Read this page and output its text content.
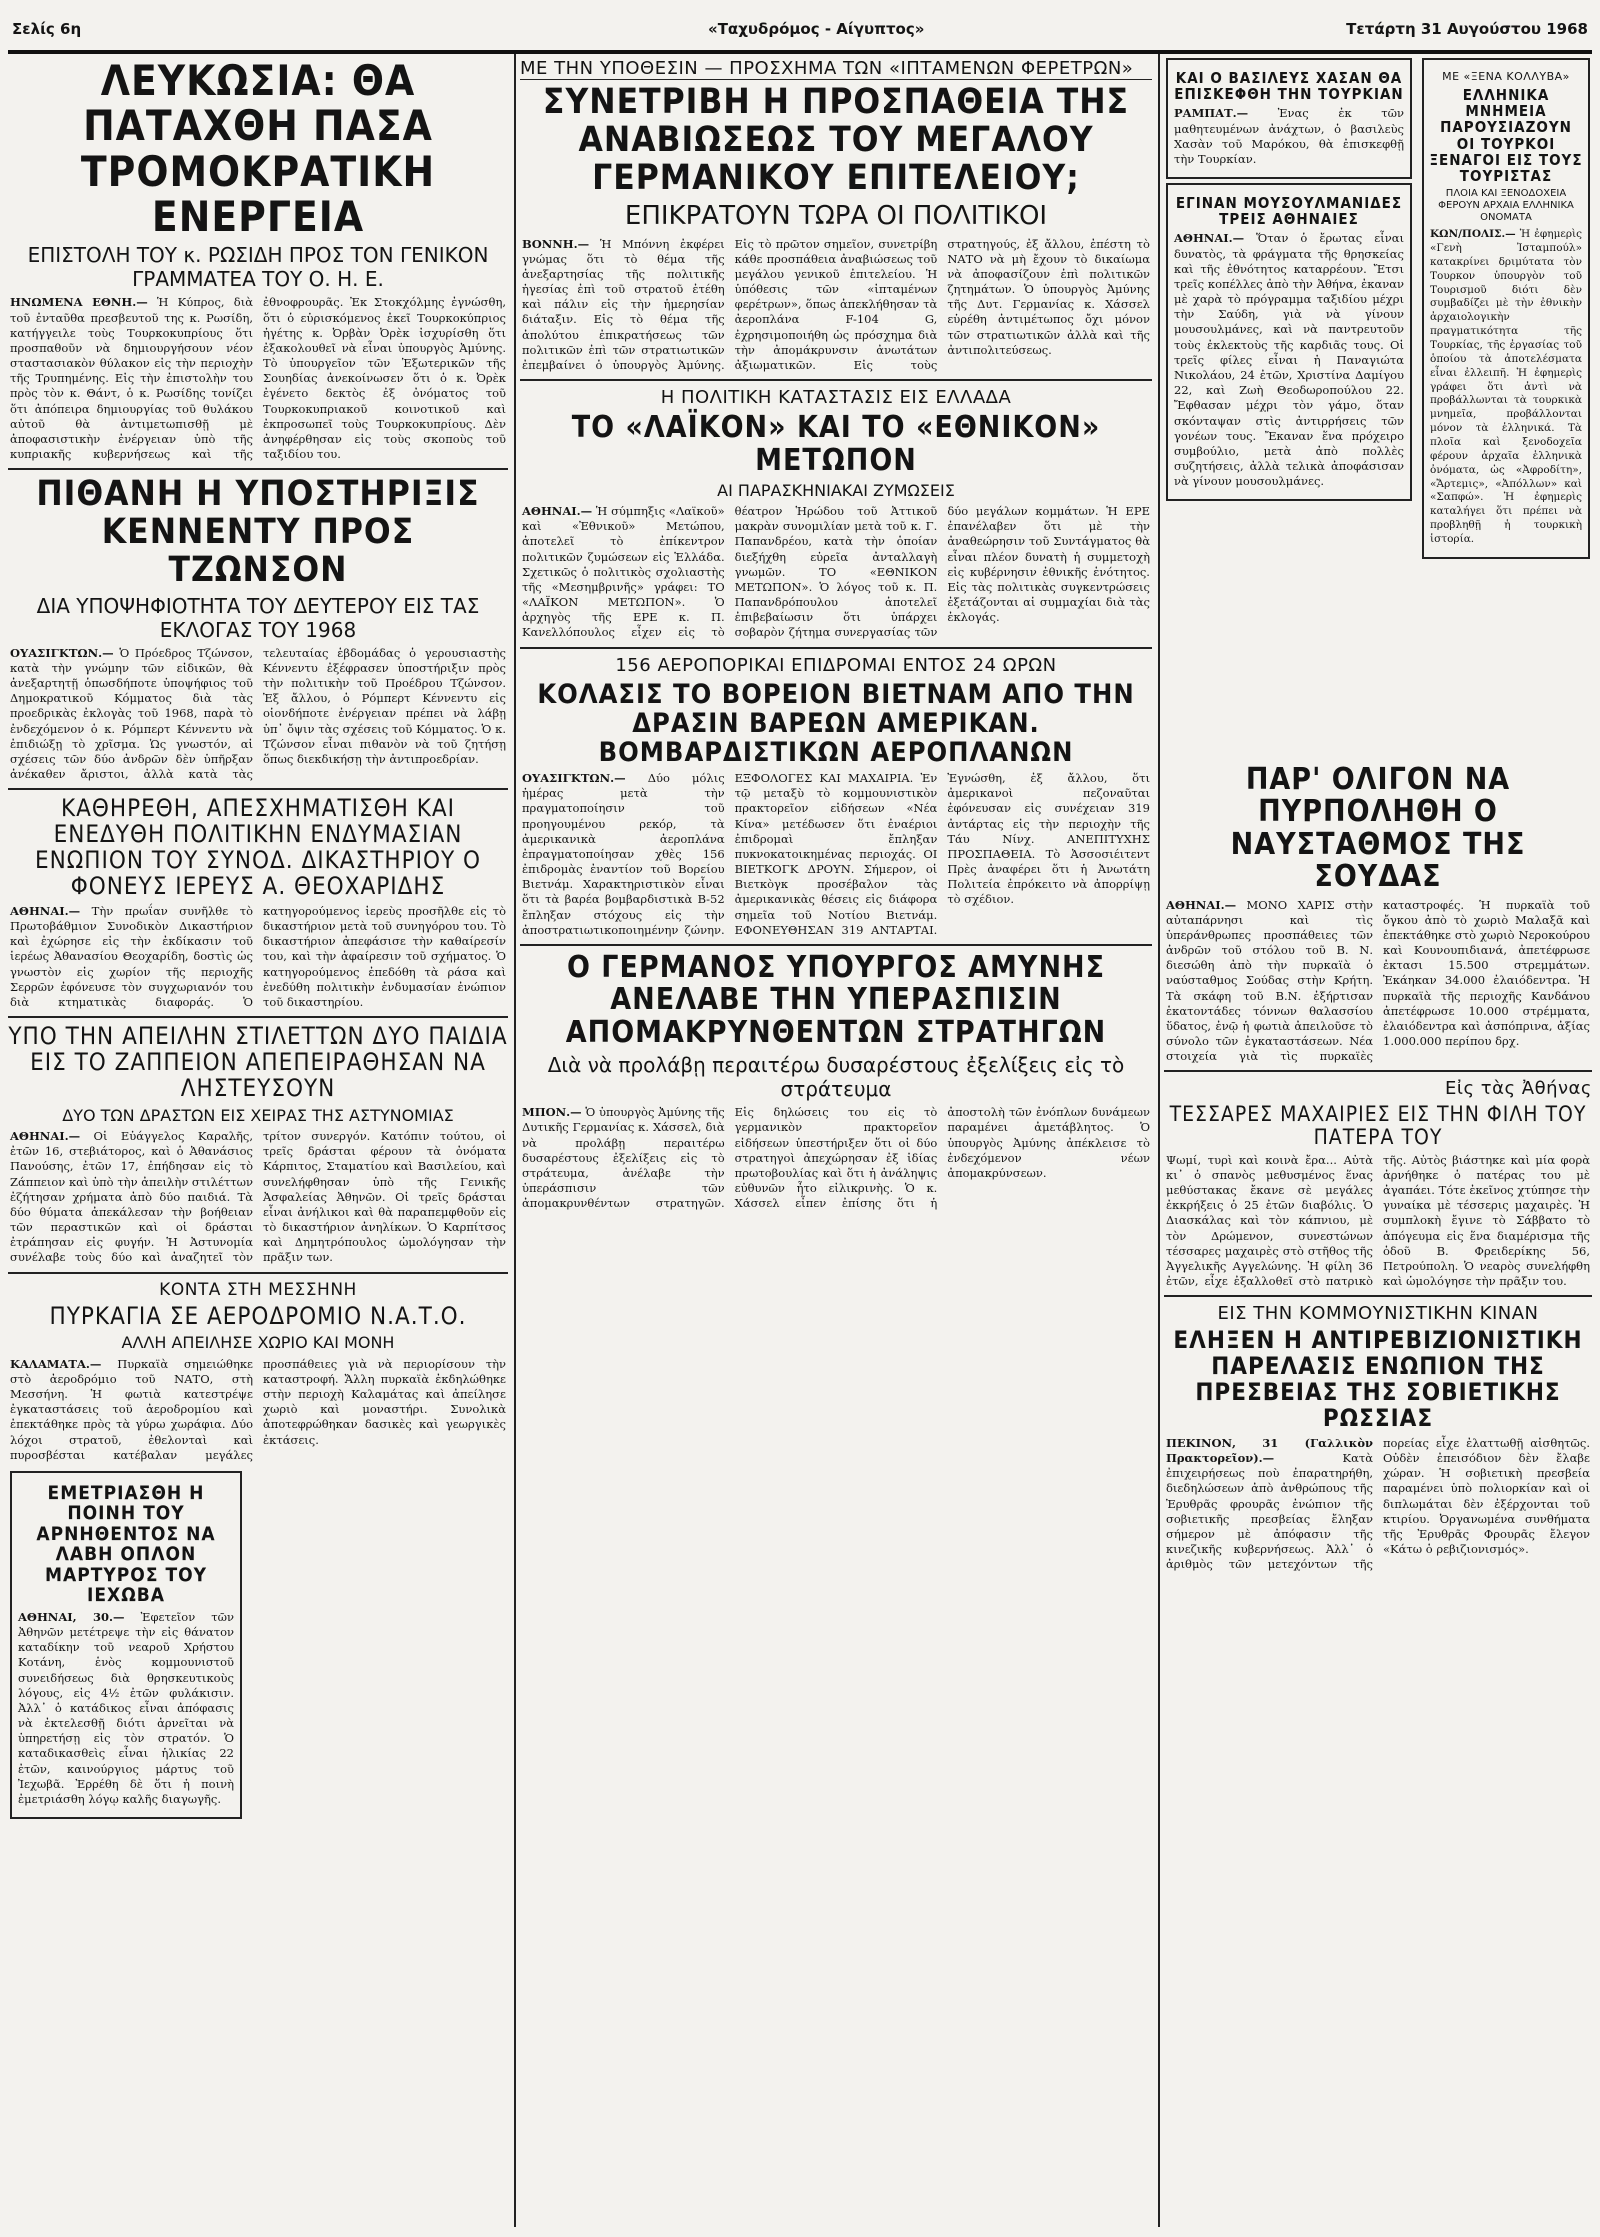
Σελίς 6η	«Ταχυδρόμος - Αίγυπτος»	Τετάρτη 31 Αυγούστου 1968
ΛΕΥΚΩΣΙΑ: ΘΑ ΠΑΤΑΧΘΗ ΠΑΣΑ ΤΡΟΜΟΚΡΑΤΙΚΗ ΕΝΕΡΓΕΙΑ
ΕΠΙΣΤΟΛΗ ΤΟΥ κ. ΡΩΣΙΔΗ ΠΡΟΣ ΤΟΝ ΓΕΝΙΚΟΝ ΓΡΑΜΜΑΤΕΑ ΤΟΥ Ο. Η. Ε.
ΗΝΩΜΕΝΑ ΕΘΝΗ.— Ἡ Κύπρος, διὰ τοῦ ἐνταῦθα πρεσβευτοῦ της κ. Ρωσίδη, κατήγγειλε τοὺς Τουρκοκυπρίους ὅτι προσπαθοῦν νὰ δημιουργήσουν νέον σταστασιακὸν θύλακον εἰς τὴν περιοχὴν τῆς Τρυπημένης. Εἰς τὴν ἐπιστολὴν του πρὸς τὸν κ. Θάντ, ὁ κ. Ρωσίδης τονίζει ὅτι ἀπόπειρα δημιουργίας τοῦ θυλάκου αὐτοῦ θὰ ἀντιμετωπισθῇ μὲ ἀποφασιστικὴν ἐνέργειαν ὑπὸ τῆς κυπριακῆς κυβερνήσεως καὶ τῆς ἐθνοφρουρᾶς. Ἐκ Στοκχόλμης ἐγνώσθη, ὅτι ὁ εὐρισκόμενος ἐκεῖ Τουρκοκύπριος ἠγέτης κ. Ὀρβὰν Ὀρὲκ ἰσχυρίσθη ὅτι ἐξακολουθεῖ νὰ εἶναι ὑπουργὸς Ἀμύνης. Τὸ ὑπουργεῖον τῶν Ἐξωτερικῶν τῆς Σουηδίας ἀνεκοίνωσεν ὅτι ὁ κ. Ὀρὲκ ἐγένετο δεκτὸς ἐξ ὀνόματος τοῦ Τουρκοκυπριακοῦ κοινοτικοῦ καὶ ἐκπροσωπεῖ τοὺς Τουρκοκυπρίους. Δὲν ἀνηφέρθησαν εἰς τοὺς σκοποὺς τοῦ ταξιδίου του.
ΠΙΘΑΝΗ Η ΥΠΟΣΤΗΡΙΞΙΣ ΚΕΝΝΕΝΤΥ ΠΡΟΣ ΤΖΩΝΣΟΝ
ΔΙΑ ΥΠΟΨΗΦΙΟΤΗΤΑ ΤΟΥ ΔΕΥΤΕΡΟΥ ΕΙΣ ΤΑΣ ΕΚΛΟΓΑΣ ΤΟΥ 1968
ΟΥΑΣΙΓΚΤΩΝ.— Ὁ Πρόεδρος Τζώνσον, κατὰ τὴν γνώμην τῶν εἰδικῶν, θὰ ἀνεξαρτητῇ ὁπωσδήποτε ὑποψήφιος τοῦ Δημοκρατικοῦ Κόμματος διὰ τὰς προεδρικὰς ἐκλογὰς τοῦ 1968, παρὰ τὸ ἐνδεχόμενον ὁ κ. Ρόμπερτ Κέννεντυ νὰ ἐπιδιώξῃ τὸ χρῖσμα. Ὡς γνωστόν, αἱ σχέσεις τῶν δύο ἀνδρῶν δὲν ὑπῆρξαν ἀνέκαθεν ἄριστοι, ἀλλὰ κατὰ τὰς τελευταίας ἑβδομάδας ὁ γερουσιαστὴς Κέννεντυ ἐξέφρασεν ὑποστήριξιν πρὸς τὴν πολιτικὴν τοῦ Προέδρου Τζώνσον. Ἐξ ἄλλου, ὁ Ρόμπερτ Κέννεντυ εἰς οἱονδήποτε ἐνέργειαν πρέπει νὰ λάβῃ ὑπ᾽ ὄψιν τὰς σχέσεις τοῦ Κόμματος. Ὁ κ. Τζώνσον εἶναι πιθανὸν νὰ τοῦ ζητήσῃ ὅπως διεκδικήσῃ τὴν ἀντιπροεδρίαν.
ΚΑΘΗΡΕΘΗ, ΑΠΕΣΧΗΜΑΤΙΣΘΗ ΚΑΙ ΕΝΕΔΥΘΗ ΠΟΛΙΤΙΚΗΝ ΕΝΔΥΜΑΣΙΑΝ ΕΝΩΠΙΟΝ ΤΟΥ ΣΥΝΟΔ. ΔΙΚΑΣΤΗΡΙΟΥ Ο ΦΟΝΕΥΣ ΙΕΡΕΥΣ Α. ΘΕΟΧΑΡΙΔΗΣ
ΑΘΗΝΑΙ.— Τὴν πρωΐαν συνῆλθε τὸ Πρωτοβάθμιον Συνοδικὸν Δικαστήριον καὶ ἐχώρησε εἰς τὴν ἐκδίκασιν τοῦ ἱερέως Ἀθανασίου Θεοχαρίδη, δοστὶς ὡς γνωστὸν εἰς χωρίον τῆς περιοχῆς Σερρῶν ἐφόνευσε τὸν συγχωριανόν του διὰ κτηματικὰς διαφοράς. Ὁ κατηγορούμενος ἱερεὺς προσῆλθε εἰς τὸ δικαστήριον μετὰ τοῦ συνηγόρου του. Τὸ δικαστήριον ἀπεφάσισε τὴν καθαίρεσίν του, καὶ τὴν ἀφαίρεσιν τοῦ σχήματος. Ὁ κατηγορούμενος ἐπεδόθη τὰ ράσα καὶ ἐνεδύθη πολιτικὴν ἐνδυμασίαν ἐνώπιον τοῦ δικαστηρίου.
ΥΠΟ ΤΗΝ ΑΠΕΙΛΗΝ ΣΤΙΛΕΤΤΩΝ ΔΥΟ ΠΑΙΔΙΑ ΕΙΣ ΤΟ ΖΑΠΠΕΙΟΝ ΑΠΕΠΕΙΡΑΘΗΣΑΝ ΝΑ ΛΗΣΤΕΥΣΟΥΝ
ΔΥΟ ΤΩΝ ΔΡΑΣΤΩΝ ΕΙΣ ΧΕΙΡΑΣ ΤΗΣ ΑΣΤΥΝΟΜΙΑΣ
ΑΘΗΝΑΙ.— Οἱ Εὐάγγελος Καραλῆς, ἐτῶν 16, στεβιάτορος, καὶ ὁ Ἀθανάσιος Πανούσης, ἐτῶν 17, ἐπήδησαν εἰς τὸ Ζάππειον καὶ ὑπὸ τὴν ἀπειλὴν στιλέττων ἐζήτησαν χρήματα ἀπὸ δύο παιδιά. Τὰ δύο θύματα ἀπεκάλεσαν τὴν βοήθειαν τῶν περαστικῶν καὶ οἱ δράσται ἐτράπησαν εἰς φυγήν. Ἡ Ἀστυνομία συνέλαβε τοὺς δύο καὶ ἀναζητεῖ τὸν τρίτον συνεργόν. Κατόπιν τούτου, οἱ τρεῖς δράσται φέρουν τὰ ὀνόματα Κάρπιτος, Σταματίου καὶ Βασιλείου, καὶ συνελήφθησαν ὑπὸ τῆς Γενικῆς Ἀσφαλείας Ἀθηνῶν. Οἱ τρεῖς δράσται εἶναι ἀνήλικοι καὶ θὰ παραπεμφθοῦν εἰς τὸ δικαστήριον ἀνηλίκων. Ὁ Καρπίτσος καὶ Δημητρόπουλος ὡμολόγησαν τὴν πρᾶξιν των.
ΚΟΝΤΑ ΣΤΗ ΜΕΣΣΗΝΗ
ΠΥΡΚΑΓΙΑ ΣΕ ΑΕΡΟΔΡΟΜΙΟ Ν.Α.Τ.Ο.
ΑΛΛΗ ΑΠΕΙΛΗΣΕ ΧΩΡΙΟ ΚΑΙ ΜΟΝΗ
ΚΑΛΑΜΑΤΑ.— Πυρκαϊὰ σημειώθηκε στὸ ἀεροδρόμιο τοῦ ΝΑΤΟ, στὴ Μεσσήνη. Ἡ φωτιὰ κατεστρέψε ἐγκαταστάσεις τοῦ ἀεροδρομίου καὶ ἐπεκτάθηκε πρὸς τὰ γύρω χωράφια. Δύο λόχοι στρατοῦ, ἐθελονταὶ καὶ πυροσβέσται κατέβαλαν μεγάλες προσπάθειες γιὰ νὰ περιορίσουν τὴν καταστροφή. Ἄλλη πυρκαϊὰ ἐκδηλώθηκε στὴν περιοχὴ Καλαμάτας καὶ ἀπείλησε χωριὸ καὶ μοναστήρι. Συνολικὰ ἀποτεφρώθηκαν δασικὲς καὶ γεωργικὲς ἐκτάσεις.
ΕΜΕΤΡΙΑΣΘΗ Η ΠΟΙΝΗ ΤΟΥ ΑΡΝΗΘΕΝΤΟΣ ΝΑ ΛΑΒΗ ΟΠΛΟΝ ΜΑΡΤΥΡΟΣ ΤΟΥ ΙΕΧΩΒΑ
ΑΘΗΝΑΙ, 30.— Ἐφετεῖον τῶν Ἀθηνῶν μετέτρεψε τὴν εἰς θάνατον καταδίκην τοῦ νεαροῦ Χρήστου Κοτάνη, ἑνὸς κομμουνιστοῦ συνειδήσεως διὰ θρησκευτικοὺς λόγους, εἰς 4½ ἐτῶν φυλάκισιν. Ἀλλ᾽ ὁ κατάδικος εἶναι ἀπόφασις νὰ ἐκτελεσθῇ διότι ἀρνεῖται νὰ ὑπηρετήσῃ εἰς τὸν στρατόν. Ὁ καταδικασθεὶς εἶναι ἡλικίας 22 ἐτῶν, καινούργιος μάρτυς τοῦ Ἰεχωβᾶ. Ἐρρέθη δὲ ὅτι ἡ ποινὴ ἐμετριάσθη λόγῳ καλῆς διαγωγῆς.
ΜΕ ΤΗΝ ΥΠΟΘΕΣΙΝ — ΠΡΟΣΧΗΜΑ ΤΩΝ «ΙΠΤΑΜΕΝΩΝ ΦΕΡΕΤΡΩΝ»
ΣΥΝΕΤΡΙΒΗ Η ΠΡΟΣΠΑΘΕΙΑ ΤΗΣ ΑΝΑΒΙΩΣΕΩΣ ΤΟΥ ΜΕΓΑΛΟΥ ΓΕΡΜΑΝΙΚΟΥ ΕΠΙΤΕΛΕΙΟΥ;
ΕΠΙΚΡΑΤΟΥΝ ΤΩΡΑ ΟΙ ΠΟΛΙΤΙΚΟΙ
ΒΟΝΝΗ.— Ἡ Μπόννη ἐκφέρει γνώμας ὅτι τὸ θέμα τῆς ἀνεξαρτησίας τῆς πολιτικῆς ἡγεσίας ἐπὶ τοῦ στρατοῦ ἐτέθη καὶ πάλιν εἰς τὴν ἡμερησίαν διάταξιν. Εἰς τὸ θέμα τῆς ἀπολύτου ἐπικρατήσεως τῶν πολιτικῶν ἐπὶ τῶν στρατιωτικῶν ἐπεμβαίνει ὁ ὑπουργὸς Ἀμύνης. Εἰς τὸ πρῶτον σημεῖον, συνετρίβη κάθε προσπάθεια ἀναβιώσεως τοῦ μεγάλου γενικοῦ ἐπιτελείου. Ἡ ὑπόθεσις τῶν «ἱπταμένων φερέτρων», ὅπως ἀπεκλήθησαν τὰ ἀεροπλάνα F-104 G, ἐχρησιμοποιήθη ὡς πρόσχημα διὰ τὴν ἀπομάκρυνσιν ἀνωτάτων ἀξιωματικῶν. Εἰς τοὺς στρατηγούς, ἐξ ἄλλου, ἐπέστη τὸ ΝΑΤΟ νὰ μὴ ἔχουν τὸ δικαίωμα νὰ ἀποφασίζουν ἐπὶ πολιτικῶν ζητημάτων. Ὁ ὑπουργὸς Ἀμύνης τῆς Δυτ. Γερμανίας κ. Χάσσελ εὑρέθη ἀντιμέτωπος ὄχι μόνον τῶν στρατιωτικῶν ἀλλὰ καὶ τῆς ἀντιπολιτεύσεως.
Η ΠΟΛΙΤΙΚΗ ΚΑΤΑΣΤΑΣΙΣ ΕΙΣ ΕΛΛΑΔΑ
ΤΟ «ΛΑΪΚΟΝ» ΚΑΙ ΤΟ «ΕΘΝΙΚΟΝ» ΜΕΤΩΠΟΝ
ΑΙ ΠΑΡΑΣΚΗΝΙΑΚΑΙ ΖΥΜΩΣΕΙΣ
ΑΘΗΝΑΙ.— Ἡ σύμπηξις «Λαϊκοῦ» καὶ «Ἐθνικοῦ» Μετώπου, ἀποτελεῖ τὸ ἐπίκεντρον πολιτικῶν ζυμώσεων εἰς Ἑλλάδα. Σχετικῶς ὁ πολιτικὸς σχολιαστὴς τῆς «Μεσημβρινῆς» γράφει: ΤΟ «ΛΑΪΚΟΝ ΜΕΤΩΠΟΝ». Ὁ ἀρχηγὸς τῆς ΕΡΕ κ. Π. Κανελλόπουλος εἶχεν εἰς τὸ θέατρον Ἡρώδου τοῦ Ἀττικοῦ μακρὰν συνομιλίαν μετὰ τοῦ κ. Γ. Παπανδρέου, κατὰ τὴν ὁποίαν διεξήχθη εὐρεῖα ἀνταλλαγὴ γνωμῶν. ΤΟ «ΕΘΝΙΚΟΝ ΜΕΤΩΠΟΝ». Ὁ λόγος τοῦ κ. Π. Παπανδρόπουλου ἀποτελεῖ ἐπιβεβαίωσιν ὅτι ὑπάρχει σοβαρὸν ζήτημα συνεργασίας τῶν δύο μεγάλων κομμάτων. Ἡ ΕΡΕ ἐπανέλαβεν ὅτι μὲ τὴν ἀναθεώρησιν τοῦ Συντάγματος θὰ εἶναι πλέον δυνατὴ ἡ συμμετοχὴ εἰς κυβέρνησιν ἐθνικῆς ἑνότητος. Εἰς τὰς πολιτικὰς συγκεντρώσεις ἐξετάζονται αἱ συμμαχίαι διὰ τὰς ἐκλογάς.
156 ΑΕΡΟΠΟΡΙΚΑΙ ΕΠΙΔΡΟΜΑΙ ΕΝΤΟΣ 24 ΩΡΩΝ
ΚΟΛΑΣΙΣ ΤΟ ΒΟΡΕΙΟΝ ΒΙΕΤΝΑΜ ΑΠΟ ΤΗΝ ΔΡΑΣΙΝ ΒΑΡΕΩΝ ΑΜΕΡΙΚΑΝ. ΒΟΜΒΑΡΔΙΣΤΙΚΩΝ ΑΕΡΟΠΛΑΝΩΝ
ΟΥΑΣΙΓΚΤΩΝ.— Δύο μόλις ἡμέρας μετὰ τὴν πραγματοποίησιν τοῦ προηγουμένου ρεκόρ, τὰ ἀμερικανικὰ ἀεροπλάνα ἐπραγματοποίησαν χθὲς 156 ἐπιδρομὰς ἐναντίον τοῦ Βορείου Βιετνάμ. Χαρακτηριστικὸν εἶναι ὅτι τὰ βαρέα βομβαρδιστικὰ Β-52 ἔπληξαν στόχους εἰς τὴν ἀποστρατιωτικοποιημένην ζώνην. ΕΞΦΟΛΟΓΕΣ ΚΑΙ ΜΑΧΑΙΡΙΑ. Ἐν τῷ μεταξὺ τὸ κομμουνιστικὸν πρακτορεῖον εἰδήσεων «Νέα Κίνα» μετέδωσεν ὅτι ἐναέριοι ἐπιδρομαὶ ἔπληξαν πυκνοκατοικημένας περιοχάς. ΟΙ ΒΙΕΤΚΟΓΚ ΔΡΟΥΝ. Σήμερον, οἱ Βιετκὸγκ προσέβαλον τὰς ἀμερικανικὰς θέσεις εἰς διάφορα σημεῖα τοῦ Νοτίου Βιετνάμ. ΕΦΟΝΕΥΘΗΣΑΝ 319 ΑΝΤΑΡΤΑΙ. Ἐγνώσθη, ἐξ ἄλλου, ὅτι ἀμερικανοὶ πεζοναῦται ἐφόνευσαν εἰς συνέχειαν 319 ἀντάρτας εἰς τὴν περιοχὴν τῆς Τάυ Νίνχ. ΑΝΕΠΙΤΥΧΗΣ ΠΡΟΣΠΑΘΕΙΑ. Τὸ Ἀσσοσιέιτεντ Πρὲς ἀναφέρει ὅτι ἡ Ἀνωτάτη Πολιτεία ἐπρόκειτο νὰ ἀπορρίψῃ τὸ σχέδιον.
Ο ΓΕΡΜΑΝΟΣ ΥΠΟΥΡΓΟΣ ΑΜΥΝΗΣ ΑΝΕΛΑΒΕ ΤΗΝ ΥΠΕΡΑΣΠΙΣΙΝ ΑΠΟΜΑΚΡΥΝΘΕΝΤΩΝ ΣΤΡΑΤΗΓΩΝ
Διὰ νὰ προλάβῃ περαιτέρω δυσαρέστους ἐξελίξεις εἰς τὸ στράτευμα
ΜΠΟΝ.— Ὁ ὑπουργὸς Ἀμύνης τῆς Δυτικῆς Γερμανίας κ. Χάσσελ, διὰ νὰ προλάβῃ περαιτέρω δυσαρέστους ἐξελίξεις εἰς τὸ στράτευμα, ἀνέλαβε τὴν ὑπεράσπισιν τῶν ἀπομακρυνθέντων στρατηγῶν. Εἰς δηλώσεις του εἰς τὸ γερμανικὸν πρακτορεῖον εἰδήσεων ὑπεστήριξεν ὅτι οἱ δύο στρατηγοὶ ἀπεχώρησαν ἐξ ἰδίας πρωτοβουλίας καὶ ὅτι ἡ ἀνάληψις εὐθυνῶν ἦτο εἰλικρινὴς. Ὁ κ. Χάσσελ εἶπεν ἐπίσης ὅτι ἡ ἀποστολὴ τῶν ἐνόπλων δυνάμεων παραμένει ἀμετάβλητος. Ὁ ὑπουργὸς Ἀμύνης ἀπέκλεισε τὸ ἐνδεχόμενον νέων ἀπομακρύνσεων.
ΚΑΙ Ο ΒΑΣΙΛΕΥΣ ΧΑΣΑΝ ΘΑ ΕΠΙΣΚΕΦΘΗ ΤΗΝ ΤΟΥΡΚΙΑΝ
ΡΑΜΠΑΤ.—	Ἐνας ἐκ τῶν μαθητευμένων ἀνάχτων, ὁ βασιλεὺς Χασὰν τοῦ Μαρόκου, θὰ ἐπισκεφθῇ τὴν Τουρκίαν.
ΕΓΙΝΑΝ ΜΟΥΣΟΥΛΜΑΝΙΔΕΣ ΤΡΕΙΣ ΑΘΗΝΑΙΕΣ
ΑΘΗΝΑΙ.— Ὅταν ὁ ἔρωτας εἶναι δυνατὸς, τὰ φράγματα τῆς θρησκείας καὶ τῆς ἐθνότητος καταρρέουν. Ἔτσι τρεῖς κοπέλλες ἀπὸ τὴν Ἀθήνα, ἐκαναν μὲ χαρὰ τὸ πρόγραμμα ταξιδίου μέχρι τὴν Σαύδη, γιὰ νὰ γίνουν μουσουλμάνες, καὶ νὰ παντρευτοῦν τοὺς ἐκλεκτοὺς τῆς καρδιᾶς τους. Οἱ τρεῖς φίλες εἶναι ἡ Παναγιώτα Νικολάου, 24 ἐτῶν, Χριστίνα Δαμίγου 22, καὶ Ζωὴ Θεοδωροπούλου 22. Ἔφθασαν μέχρι τὸν γάμο, ὅταν σκόνταψαν στὶς ἀντιρρήσεις τῶν γονέων τους. Ἔκαναν ἕνα πρόχειρο συμβούλιο, μετὰ ἀπὸ πολλὲς συζητήσεις, ἀλλὰ τελικὰ ἀποφάσισαν νὰ γίνουν μουσουλμάνες.
ΜΕ «ΞΕΝΑ ΚΟΛΛΥΒΑ»
ΕΛΛΗΝΙΚΑ ΜΝΗΜΕΙΑ ΠΑΡΟΥΣΙΑΖΟΥΝ ΟΙ ΤΟΥΡΚΟΙ ΞΕΝΑΓΟΙ ΕΙΣ ΤΟΥΣ ΤΟΥΡΙΣΤΑΣ
ΠΛΟΙΑ ΚΑΙ ΞΕΝΟΔΟΧΕΙΑ ΦΕΡΟΥΝ ΑΡΧΑΙΑ ΕΛΛΗΝΙΚΑ ΟΝΟΜΑΤΑ
ΚΩΝ/ΠΟΛΙΣ.— Ἡ ἐφημερὶς «Γενὴ Ἰσταμπούλ» κατακρίνει δριμύτατα τὸν Τουρκον ὑπουργὸν τοῦ Τουρισμοῦ διότι δὲν συμβαδίζει μὲ τὴν ἐθνικὴν ἀρχαιολογικὴν πραγματικότητα τῆς Τουρκίας, τῆς ἐργασίας τοῦ ὁποίου τὰ ἀποτελέσματα εἶναι ἐλλειπῆ. Ἡ ἐφημερὶς γράφει ὅτι ἀντὶ νὰ προβάλλωνται τὰ τουρκικὰ μνημεῖα, προβάλλονται μόνον τὰ ἑλληνικά. Τὰ πλοῖα καὶ ξενοδοχεῖα φέρουν ἀρχαῖα ἑλληνικὰ ὀνόματα, ὡς «Ἀφροδίτη», «Ἄρτεμις», «Ἀπόλλων» καὶ «Σαπφώ». Ἡ ἐφημερὶς καταλήγει ὅτι πρέπει νὰ προβληθῇ ἡ τουρκικὴ ἱστορία.
ΠΑΡ' ΟΛΙΓΟΝ ΝΑ ΠΥΡΠΟΛΗΘΗ Ο ΝΑΥΣΤΑΘΜΟΣ ΤΗΣ ΣΟΥΔΑΣ
ΑΘΗΝΑΙ.— ΜΟΝΟ ΧΑΡΙΣ στὴν αὐταπάρνησι καὶ τὶς ὑπεράνθρωπες προσπάθειες τῶν ἀνδρῶν τοῦ στόλου τοῦ Β. Ν. διεσώθη ἀπὸ τὴν πυρκαϊὰ ὁ ναύσταθμος Σούδας στὴν Κρήτη. Τὰ σκάφη τοῦ Β.Ν. ἐξήρτισαν ἑκατοντάδες τόννων θαλασσίου ὕδατος, ἐνῷ ἡ φωτιὰ ἀπειλοῦσε τὸ σύνολο τῶν ἐγκαταστάσεων. Νέα στοιχεία γιὰ τὶς πυρκαϊὲς καταστροφές. Ἡ πυρκαϊὰ τοῦ ὄγκου ἀπὸ τὸ χωριὸ Μαλαξᾶ καὶ ἐπεκτάθηκε στὸ χωριὸ Νεροκούρου καὶ Κουνουπιδιανά, ἀπετέφρωσε ἐκτασι 15.500 στρεμμάτων. Ἐκάηκαν 34.000 ἐλαιόδεντρα. Ἡ πυρκαϊὰ τῆς περιοχῆς Κανδάνου ἀπετέφρωσε 10.000 στρέμματα, ἐλαιόδεντρα καὶ ἀσπόπρινα, ἀξίας 1.000.000 περίπου δρχ.
Εἰς τὰς Ἀθήνας
ΤΕΣΣΑΡΕΣ ΜΑΧΑΙΡΙΕΣ ΕΙΣ ΤΗΝ ΦΙΛΗ ΤΟΥ ΠΑΤΕΡΑ ΤΟΥ
Ψωμί, τυρὶ καὶ κοινὰ ἔρα... Αὐτὰ κι᾽ ὁ σπανὸς μεθυσμένος ἕνας μεθύστακας ἔκανε σὲ μεγάλες ἐκκρήξεις ὁ 25 ἐτῶν διαβόλις. Ὁ Διασκάλας καὶ τὸν κάπνιου, μὲ τὸν Δρώμενον, συνεστώνων τέσσαρες μαχαιρὲς στὸ στῆθος τῆς Ἀγγελικῆς Αγγελώνης. Ἡ φίλη 36 ἐτῶν, εἶχε ἐξαλλοθεῖ στὸ πατρικὸ τῆς. Αὐτὸς βιάστηκε καὶ μία φορὰ ἀρνήθηκε ὁ πατέρας του μὲ ἀγαπάει. Τότε ἐκεῖνος χτύπησε τὴν γυναίκα μὲ τέσσερις μαχαιρὲς. Ἡ συμπλοκὴ ἔγινε τὸ Σάββατο τὸ ἀπόγευμα εἰς ἕνα διαμέρισμα τῆς ὁδοῦ Β. Φρειδερίκης 56, Πετρούπολη. Ὁ νεαρὸς συνελήφθη καὶ ὡμολόγησε τὴν πρᾶξιν του.
ΕΙΣ ΤΗΝ ΚΟΜΜΟΥΝΙΣΤΙΚΗΝ ΚΙΝΑΝ
ΕΛΗΞΕΝ Η ΑΝΤΙΡΕΒΙΖΙΟΝΙΣΤΙΚΗ ΠΑΡΕΛΑΣΙΣ ΕΝΩΠΙΟΝ ΤΗΣ ΠΡΕΣΒΕΙΑΣ ΤΗΣ ΣΟΒΙΕΤΙΚΗΣ ΡΩΣΣΙΑΣ
ΠΕΚΙΝΟΝ, 31 (Γαλλικὸν Πρακτορεῖον).—	Κατὰ ἐπιχειρήσεως ποὺ ἐπαρατηρήθη, διεδηλώσεων ἀπὸ ἀνθρώπους τῆς Ἐρυθρᾶς φρουρᾶς ἐνώπιον τῆς σοβιετικῆς πρεσβείας ἔληξαν σήμερον μὲ ἀπόφασιν τῆς κινεζικῆς κυβερνήσεως. Ἀλλ᾽ ὁ ἀριθμὸς τῶν μετεχόντων τῆς πορείας εἶχε ἐλαττωθῇ αἰσθητῶς. Οὐδὲν ἐπεισόδιον δὲν ἔλαβε χώραν. Ἡ σοβιετικὴ πρεσβεία παραμένει ὑπὸ πολιορκίαν καὶ οἱ διπλωμάται δὲν ἐξέρχονται τοῦ κτιρίου. Ὀργανωμένα συνθήματα τῆς Ἐρυθρᾶς Φρουρᾶς ἔλεγον «Κάτω ὁ ρεβιζιονισμός».
